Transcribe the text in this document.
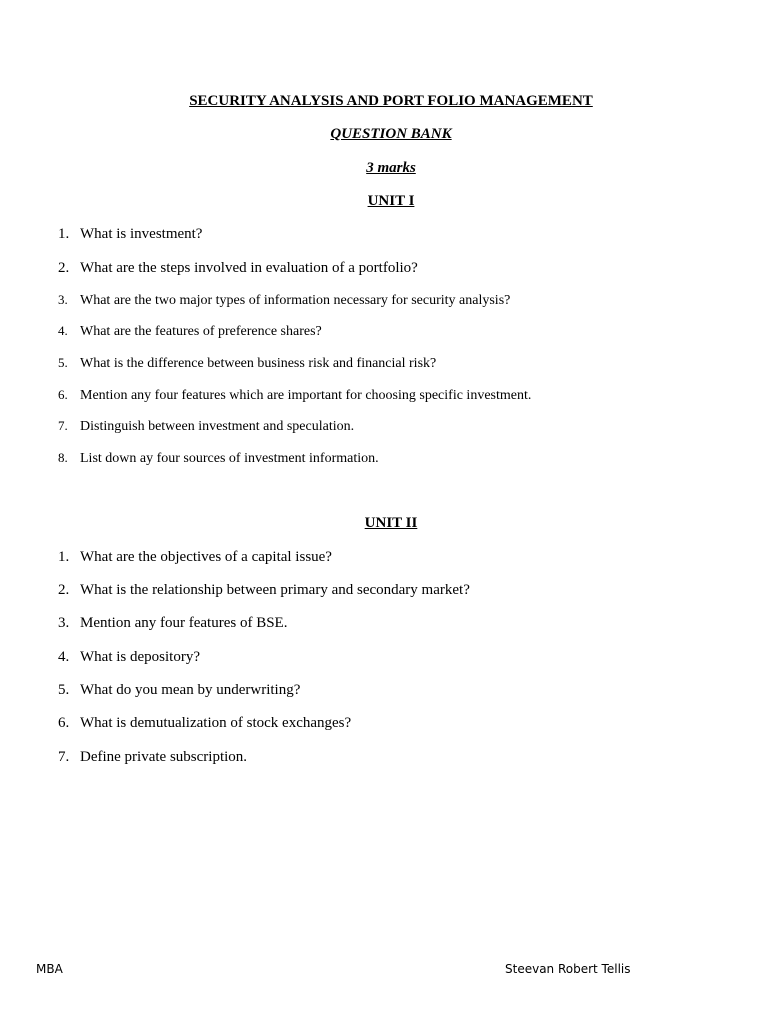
SECURITY ANALYSIS AND PORT FOLIO MANAGEMENT
QUESTION BANK
3 marks
UNIT I
1. What is investment?
2. What are the steps involved in evaluation of a portfolio?
3. What are the two major types of information necessary for security analysis?
4. What are the features of preference shares?
5. What is the difference between business risk and financial risk?
6. Mention any four features which are important for choosing specific investment.
7. Distinguish between investment and speculation.
8. List down ay four sources of investment information.
UNIT II
1. What are the objectives of a capital issue?
2. What is the relationship between primary and secondary market?
3. Mention any four features of BSE.
4. What is depository?
5. What do you mean by underwriting?
6. What is demutualization of stock exchanges?
7. Define private subscription.
MBA	Steevan Robert Tellis
